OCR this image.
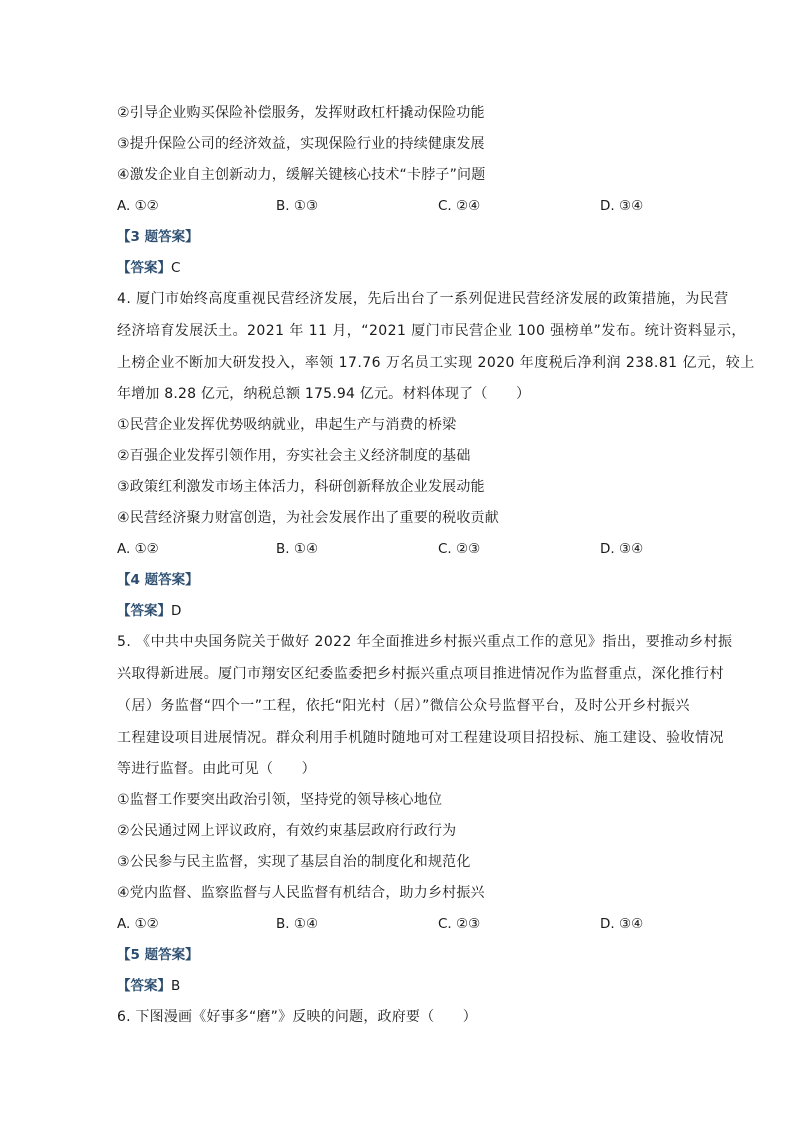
②引导企业购买保险补偿服务，发挥财政杠杆撬动保险功能
③提升保险公司的经济效益，实现保险行业的持续健康发展
④激发企业自主创新动力，缓解关键核心技术“卡脖子”问题
A. ①②	B. ①③	C. ②④	D. ③④
【3 题答案】
【答案】C
4. 厦门市始终高度重视民营经济发展，先后出台了一系列促进民营经济发展的政策措施，为民营
经济培育发展沃土。2021 年 11 月，“2021 厦门市民营企业 100 强榜单”发布。统计资料显示，
上榜企业不断加大研发投入，率领 17.76 万名员工实现 2020 年度税后净利润 238.81 亿元，较上
年增加 8.28 亿元，纳税总额 175.94 亿元。材料体现了（　　）
①民营企业发挥优势吸纳就业，串起生产与消费的桥梁
②百强企业发挥引领作用，夯实社会主义经济制度的基础
③政策红利激发市场主体活力，科研创新释放企业发展动能
④民营经济聚力财富创造，为社会发展作出了重要的税收贡献
A. ①②	B. ①④	C. ②③	D. ③④
【4 题答案】
【答案】D
5. 《中共中央国务院关于做好 2022 年全面推进乡村振兴重点工作的意见》指出，要推动乡村振
兴取得新进展。厦门市翔安区纪委监委把乡村振兴重点项目推进情况作为监督重点，深化推行村
（居）务监督“四个一”工程，依托“阳光村（居）”微信公众号监督平台，及时公开乡村振兴
工程建设项目进展情况。群众利用手机随时随地可对工程建设项目招投标、施工建设、验收情况
等进行监督。由此可见（　　）
①监督工作要突出政治引领，坚持党的领导核心地位
②公民通过网上评议政府，有效约束基层政府行政行为
③公民参与民主监督，实现了基层自治的制度化和规范化
④党内监督、监察监督与人民监督有机结合，助力乡村振兴
A. ①②	B. ①④	C. ②③	D. ③④
【5 题答案】
【答案】B
6. 下图漫画《好事多“磨”》反映的问题，政府要（　　）
